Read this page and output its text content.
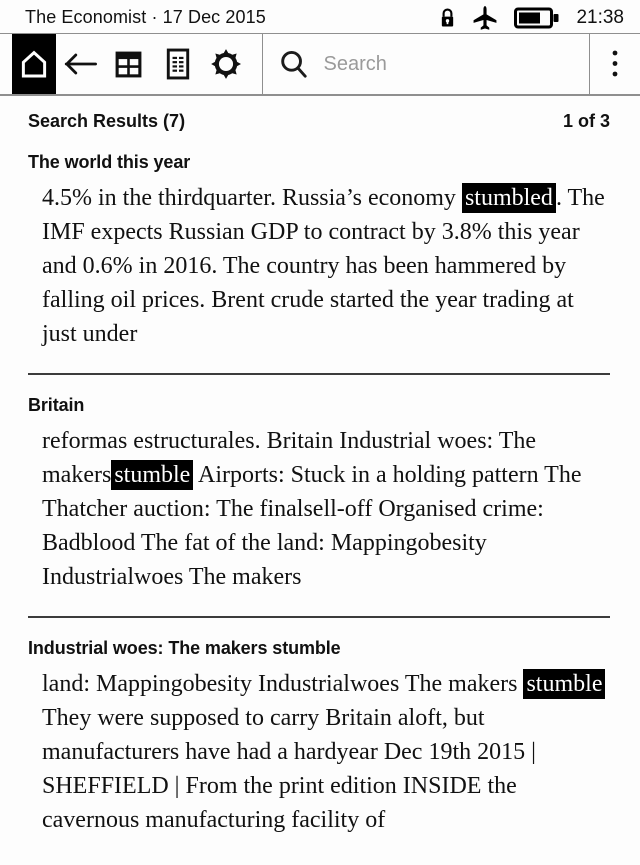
The Economist · 17 Dec 2015	21:38
Search
Search Results (7)	1 of 3
The world this year

4.5% in the thirdquarter. Russia’s economy stumbled . The IMF expects Russian GDP to contract by 3.8% this year and 0.6% in 2016. The country has been hammered by falling oil prices. Brent crude started the year trading at just under

Britain

reformas estructurales. Britain Industrial woes: The makers stumble Airports: Stuck in a holding pattern The Thatcher auction: The finalsell-off Organised crime: Badblood The fat of the land: Mappingobesity Industrialwoes The makers

Industrial woes: The makers stumble

land: Mappingobesity Industrialwoes The makers stumble They were supposed to carry Britain aloft, but manufacturers have had a hardyear Dec 19th 2015 | SHEFFIELD | From the print edition INSIDE the cavernous manufacturing facility of
